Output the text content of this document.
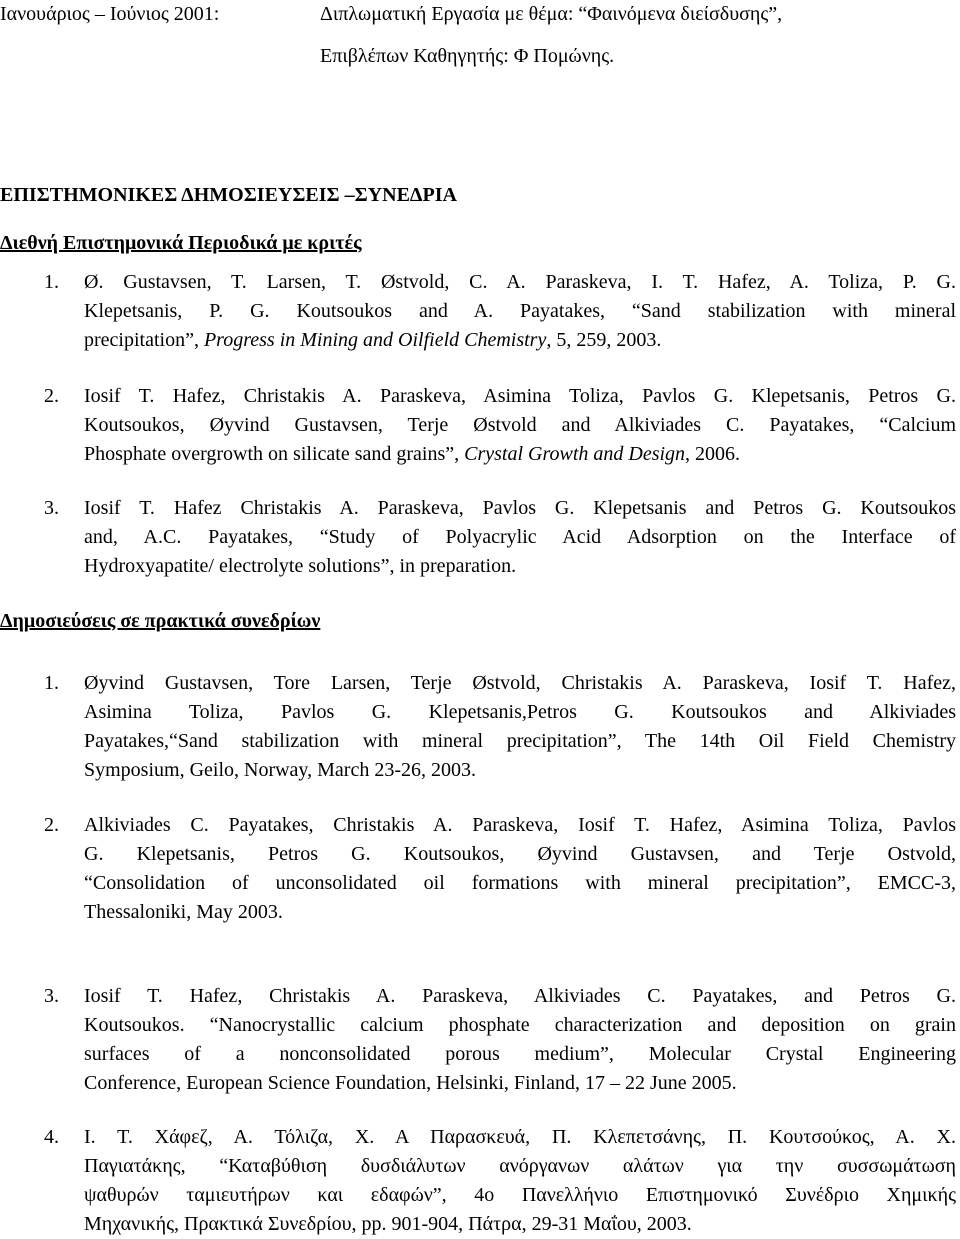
Ιανουάριος – Ιούνιος 2001:	Διπλωματική Εργασία με θέμα: “Φαινόμενα διείσδυσης”,
Επιβλέπων Καθηγητής: Φ Πομώνης.
ΕΠΙΣΤΗΜΟΝΙΚΕΣ ΔΗΜΟΣΙΕΥΣΕΙΣ –ΣΥΝΕΔΡΙΑ
Διεθνή Επιστημονικά Περιοδικά με κριτές
1. Ø. Gustavsen, T. Larsen, T. Østvold, C. A. Paraskeva, I. T. Hafez, A. Toliza, P. G.
Klepetsanis, P. G. Koutsoukos and A. Payatakes, “Sand stabilization with mineral
precipitation”, Progress in Mining and Oilfield Chemistry, 5, 259, 2003.
2. Iosif T. Hafez, Christakis A. Paraskeva, Asimina Toliza, Pavlos G. Klepetsanis, Petros G.
Koutsoukos, Øyvind Gustavsen, Terje Østvold and Alkiviades C. Payatakes, “Calcium
Phosphate overgrowth on silicate sand grains”, Crystal Growth and Design, 2006.
3. Iosif T. Hafez Christakis A. Paraskeva, Pavlos G. Klepetsanis and Petros G. Koutsoukos
and, A.C. Payatakes, “Study of Polyacrylic Acid Adsorption on the Interface of
Hydroxyapatite/ electrolyte solutions”, in preparation.
Δημοσιεύσεις σε πρακτικά συνεδρίων
1. Øyvind Gustavsen, Tore Larsen, Terje Østvold, Christakis A. Paraskeva, Iosif T. Hafez,
Asimina Toliza, Pavlos G. Klepetsanis,Petros G. Koutsoukos and Alkiviades
Payatakes,“Sand stabilization with mineral precipitation”, The 14th Oil Field Chemistry
Symposium, Geilo, Norway, March 23-26, 2003.
2. Alkiviades C. Payatakes, Christakis A. Paraskeva, Iosif T. Hafez, Asimina Toliza, Pavlos
G. Klepetsanis, Petros G. Koutsoukos, Øyvind Gustavsen, and Terje Ostvold,
“Consolidation of unconsolidated oil formations with mineral precipitation”, EMCC-3,
Thessaloniki, May 2003.
3. Iosif T. Hafez, Christakis A. Paraskeva, Alkiviades C. Payatakes, and Petros G.
Koutsoukos. “Nanocrystallic calcium phosphate characterization and deposition on grain
surfaces of a nonconsolidated porous medium”, Molecular Crystal Engineering
Conference, European Science Foundation, Helsinki, Finland, 17 – 22 June 2005.
4. I. T. Χάφεζ, Α. Τόλιζα, Χ. Α Παρασκευά, Π. Κλεπετσάνης, Π. Κουτσούκος, Α. Χ.
Παγιατάκης, “Καταβύθιση δυσδιάλυτων ανόργανων αλάτων για την συσσωμάτωση
ψαθυρών ταμιευτήρων και εδαφών”, 4ο Πανελλήνιο Επιστημονικό Συνέδριο Χημικής
Μηχανικής, Πρακτικά Συνεδρίου, pp. 901-904, Πάτρα, 29-31 Μαΐου, 2003.
